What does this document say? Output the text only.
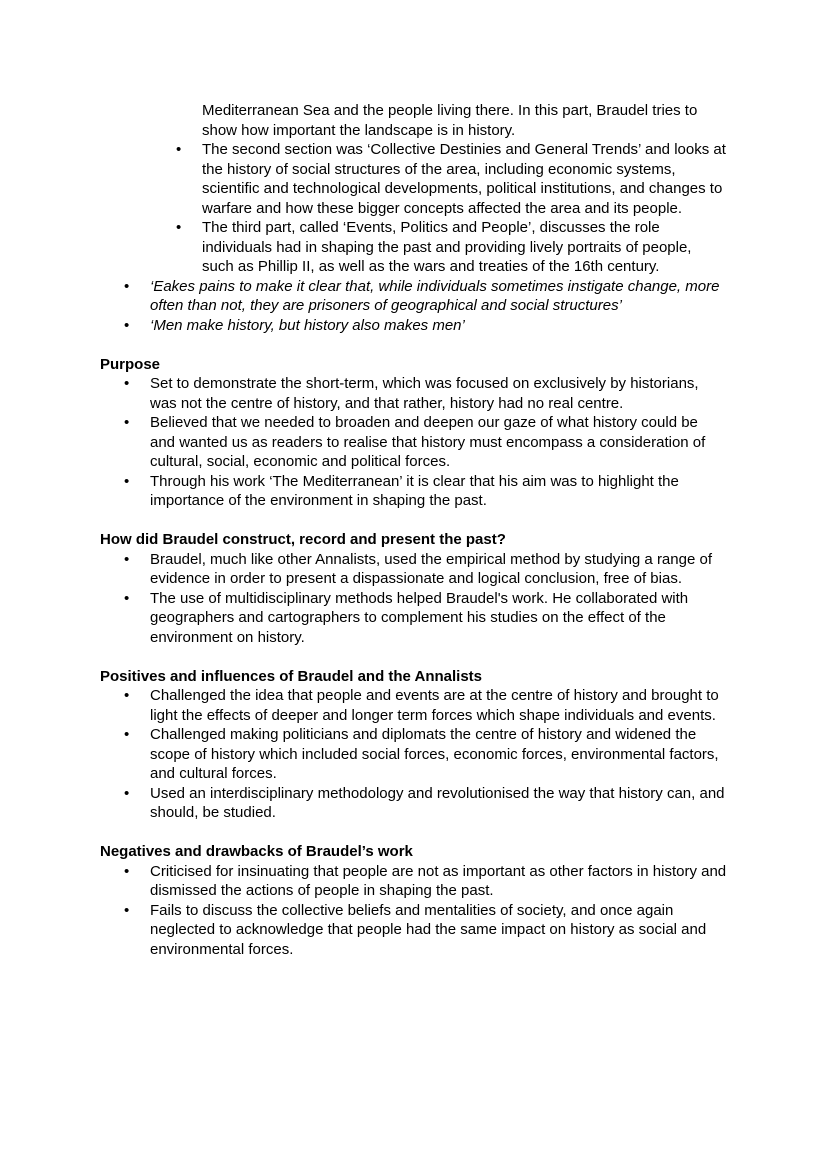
Mediterranean Sea and the people living there. In this part, Braudel tries to show how important the landscape is in history.
•	The second section was ‘Collective Destinies and General Trends’ and looks at the history of social structures of the area, including economic systems, scientific and technological developments, political institutions, and changes to warfare and how these bigger concepts affected the area and its people.
•	The third part, called ‘Events, Politics and People’, discusses the role individuals had in shaping the past and providing lively portraits of people, such as Phillip II, as well as the wars and treaties of the 16th century.
•	‘Eakes pains to make it clear that, while individuals sometimes instigate change, more often than not, they are prisoners of geographical and social structures’
•	‘Men make history, but history also makes men’
Purpose
•	Set to demonstrate the short-term, which was focused on exclusively by historians, was not the centre of history, and that rather, history had no real centre.
•	Believed that we needed to broaden and deepen our gaze of what history could be and wanted us as readers to realise that history must encompass a consideration of cultural, social, economic and political forces.
•	Through his work ‘The Mediterranean’ it is clear that his aim was to highlight the importance of the environment in shaping the past.
How did Braudel construct, record and present the past?
•	Braudel, much like other Annalists, used the empirical method by studying a range of evidence in order to present a dispassionate and logical conclusion, free of bias.
•	The use of multidisciplinary methods helped Braudel's work. He collaborated with geographers and cartographers to complement his studies on the effect of the environment on history.
Positives and influences of Braudel and the Annalists
•	Challenged the idea that people and events are at the centre of history and brought to light the effects of deeper and longer term forces which shape individuals and events.
•	Challenged making politicians and diplomats the centre of history and widened the scope of history which included social forces, economic forces, environmental factors, and cultural forces.
•	Used an interdisciplinary methodology and revolutionised the way that history can, and should, be studied.
Negatives and drawbacks of Braudel’s work
•	Criticised for insinuating that people are not as important as other factors in history and dismissed the actions of people in shaping the past.
•	Fails to discuss the collective beliefs and mentalities of society, and once again neglected to acknowledge that people had the same impact on history as social and environmental forces.
